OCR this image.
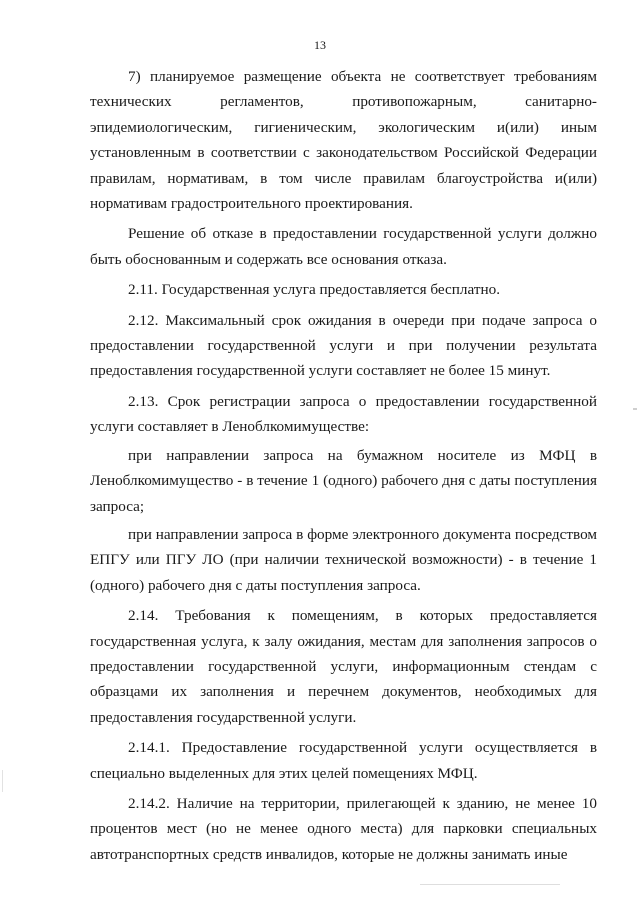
13

7) планируемое размещение объекта не соответствует требованиям технических регламентов, противопожарным, санитарно-эпидемиологическим, гигиеническим, экологическим и(или) иным установленным в соответствии с законодательством Российской Федерации правилам, нормативам, в том числе правилам благоустройства и(или) нормативам градостроительного проектирования.

Решение об отказе в предоставлении государственной услуги должно быть обоснованным и содержать все основания отказа.

2.11. Государственная услуга предоставляется бесплатно.

2.12. Максимальный срок ожидания в очереди при подаче запроса о предоставлении государственной услуги и при получении результата предоставления государственной услуги составляет не более 15 минут.

2.13. Срок регистрации запроса о предоставлении государственной услуги составляет в Леноблкомимуществе:

при направлении запроса на бумажном носителе из МФЦ в Леноблкомимущество - в течение 1 (одного) рабочего дня с даты поступления запроса;

при направлении запроса в форме электронного документа посредством ЕПГУ или ПГУ ЛО (при наличии технической возможности) - в течение 1 (одного) рабочего дня с даты поступления запроса.

2.14. Требования к помещениям, в которых предоставляется государственная услуга, к залу ожидания, местам для заполнения запросов о предоставлении государственной услуги, информационным стендам с образцами их заполнения и перечнем документов, необходимых для предоставления государственной услуги.

2.14.1. Предоставление государственной услуги осуществляется в специально выделенных для этих целей помещениях МФЦ.

2.14.2. Наличие на территории, прилегающей к зданию, не менее 10 процентов мест (но не менее одного места) для парковки специальных автотранспортных средств инвалидов, которые не должны занимать иные
